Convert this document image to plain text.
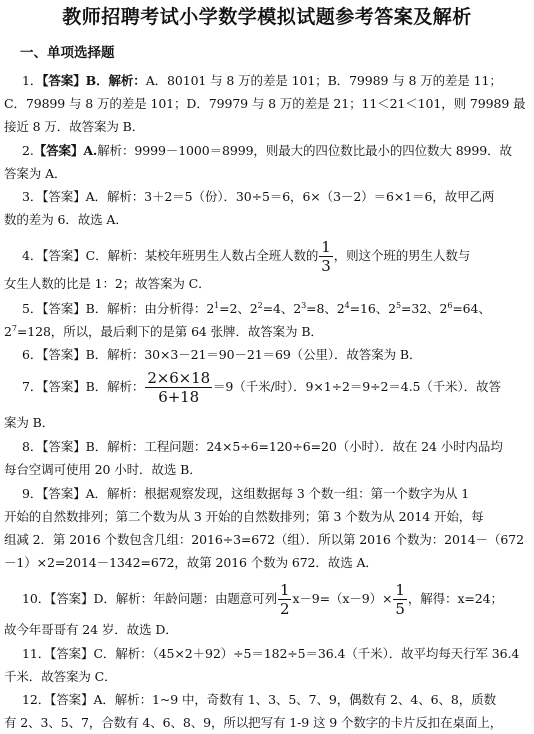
教师招聘考试小学数学模拟试题参考答案及解析
一、单项选择题
1．【答案】B．解析：A．80101 与 8 万的差是 101；B．79989 与 8 万的差是 11；
C．79899 与 8 万的差是 101；D．79979 与 8 万的差是 21；11＜21＜101，则 79989 最
接近 8 万．故答案为 B．
2.【答案】A.解析：9999－1000＝8999，则最大的四位数比最小的四位数大 8999．故
答案为 A．
3．【答案】A．解析：3＋2＝5（份）．30÷5＝6，6×（3－2）＝6×1＝6，故甲乙两
数的差为 6．故选 A．
4．【答案】C．解析：某校年班男生人数占全班人数的 $\frac{1}{3}$ ，则这个班的男生人数与
女生人数的比是 1：2；故答案为 C．
5．【答案】B．解析：由分析得：$2^1=2$、$2^2=4$、$2^3=8$、$2^4=16$、$2^5=32$、$2^6=64$、
$2^7=128$，所以，最后剩下的是第 64 张牌．故答案为 B．
6．【答案】B．解析：30×3－21＝90－21＝69（公里）．故答案为 B．
7．【答案】B．解析： $\frac{2\times 6\times 18}{6+18} =9$（千米/时）．9×1÷2＝9÷2＝4.5（千米）．故答
案为 B．
8．【答案】B．解析：工程问题：24×5÷6=120÷6=20（小时）．故在 24 小时内品均
每台空调可使用 20 小时．故选 B．
9．【答案】A．解析：根据观察发现，这组数据每 3 个数一组：第一个数字为从 1
开始的自然数排列；第二个数为从 3 开始的自然数排列；第 3 个数为从 2014 开始，每
组减 2．第 2016 个数包含几组：2016÷3=672（组）．所以第 2016 个数为：2014－（672
－1）×2=2014－1342=672，故第 2016 个数为 672．故选 A．
10．【答案】D．解析：年龄问题：由题意可列 $\frac{1}{2} x-9=(x-9)\times \frac{1}{5}$ ，解得：x=24；
故今年哥哥有 24 岁．故选 D．
11．【答案】C．解析：（45×2＋92）÷5＝182÷5＝36.4（千米）．故平均每天行军 36.4
千米．故答案为 C．
12．【答案】A．解析：1~9 中，奇数有 1、3、5、7、9，偶数有 2、4、6、8，质数
有 2、3、5、7，合数有 4、6、8、9，所以把写有 1-9 这 9 个数字的卡片反扣在桌面上，
